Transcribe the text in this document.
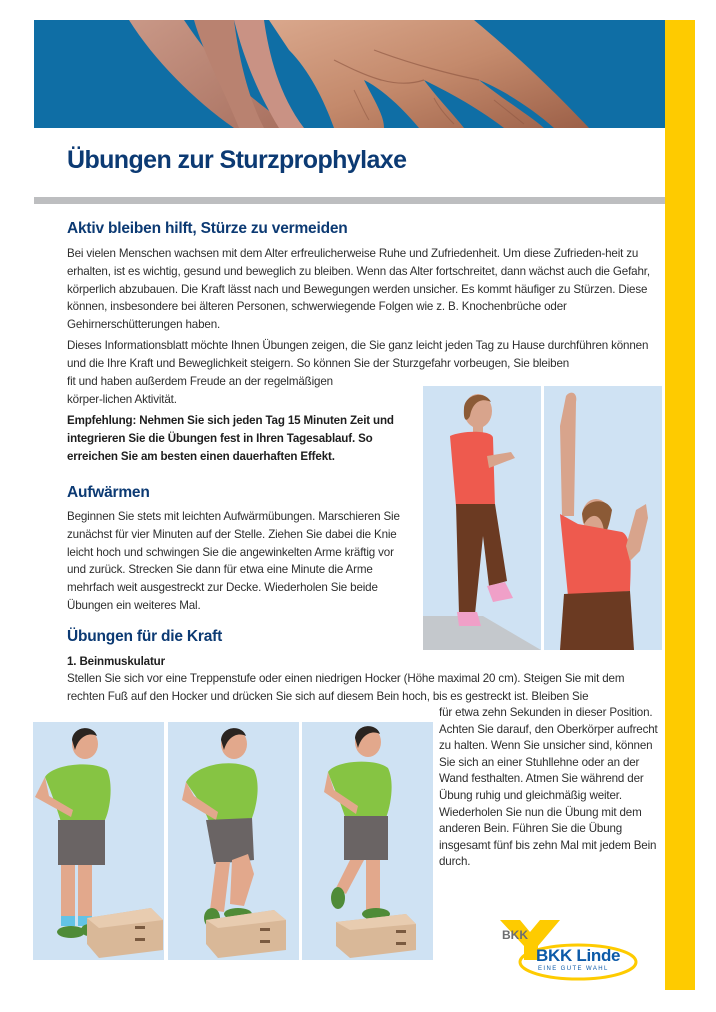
Übungen zur Sturzprophylaxe
Aktiv bleiben hilft, Stürze zu vermeiden

Bei vielen Menschen wachsen mit dem Alter erfreulicherweise Ruhe und Zufriedenheit. Um diese Zufrieden-heit zu erhalten, ist es wichtig, gesund und beweglich zu bleiben. Wenn das Alter fortschreitet, dann wächst auch die Gefahr, körperlich abzubauen. Die Kraft lässt nach und Bewegungen werden unsicher. Es kommt häufiger zu Stürzen. Diese können, insbesondere bei älteren Personen, schwerwiegende Folgen wie z. B. Knochenbrüche oder Gehirnerschütterungen haben.

Dieses Informationsblatt möchte Ihnen Übungen zeigen, die Sie ganz leicht jeden Tag zu Hause durchführen können und die Ihre Kraft und Beweglichkeit steigern. So können Sie der Sturzgefahr vorbeugen, Sie bleiben

fit und haben außerdem Freude an der regelmäßigen körper-lichen Aktivität.

Empfehlung: Nehmen Sie sich jeden Tag 15 Minuten Zeit und integrieren Sie die Übungen fest in Ihren Tagesablauf. So erreichen Sie am besten einen dauerhaften Effekt.

Aufwärmen

Beginnen Sie stets mit leichten Aufwärmübungen. Marschieren Sie zunächst für vier Minuten auf der Stelle. Ziehen Sie dabei die Knie leicht hoch und schwingen Sie die angewinkelten Arme kräftig vor und zurück. Strecken Sie dann für etwa eine Minute die Arme mehrfach weit ausgestreckt zur Decke. Wiederholen Sie beide Übungen ein weiteres Mal.

Übungen für die Kraft

1. Beinmuskulatur

Stellen Sie sich vor eine Treppenstufe oder einen niedrigen Hocker (Höhe maximal 20 cm). Steigen Sie mit dem rechten Fuß auf den Hocker und drücken Sie sich auf diesem Bein hoch, bis es gestreckt ist. Bleiben Sie

für etwa zehn Sekunden in dieser Position. Achten Sie darauf, den Oberkörper aufrecht zu halten. Wenn Sie unsicher sind, können Sie sich an einer Stuhllehne oder an der Wand festhalten. Atmen Sie während der Übung ruhig und gleichmäßig weiter. Wiederholen Sie nun die Übung mit dem anderen Bein. Führen Sie die Übung insgesamt fünf bis zehn Mal mit jedem Bein durch.

BKK
BKK Linde
EINE GUTE WAHL
